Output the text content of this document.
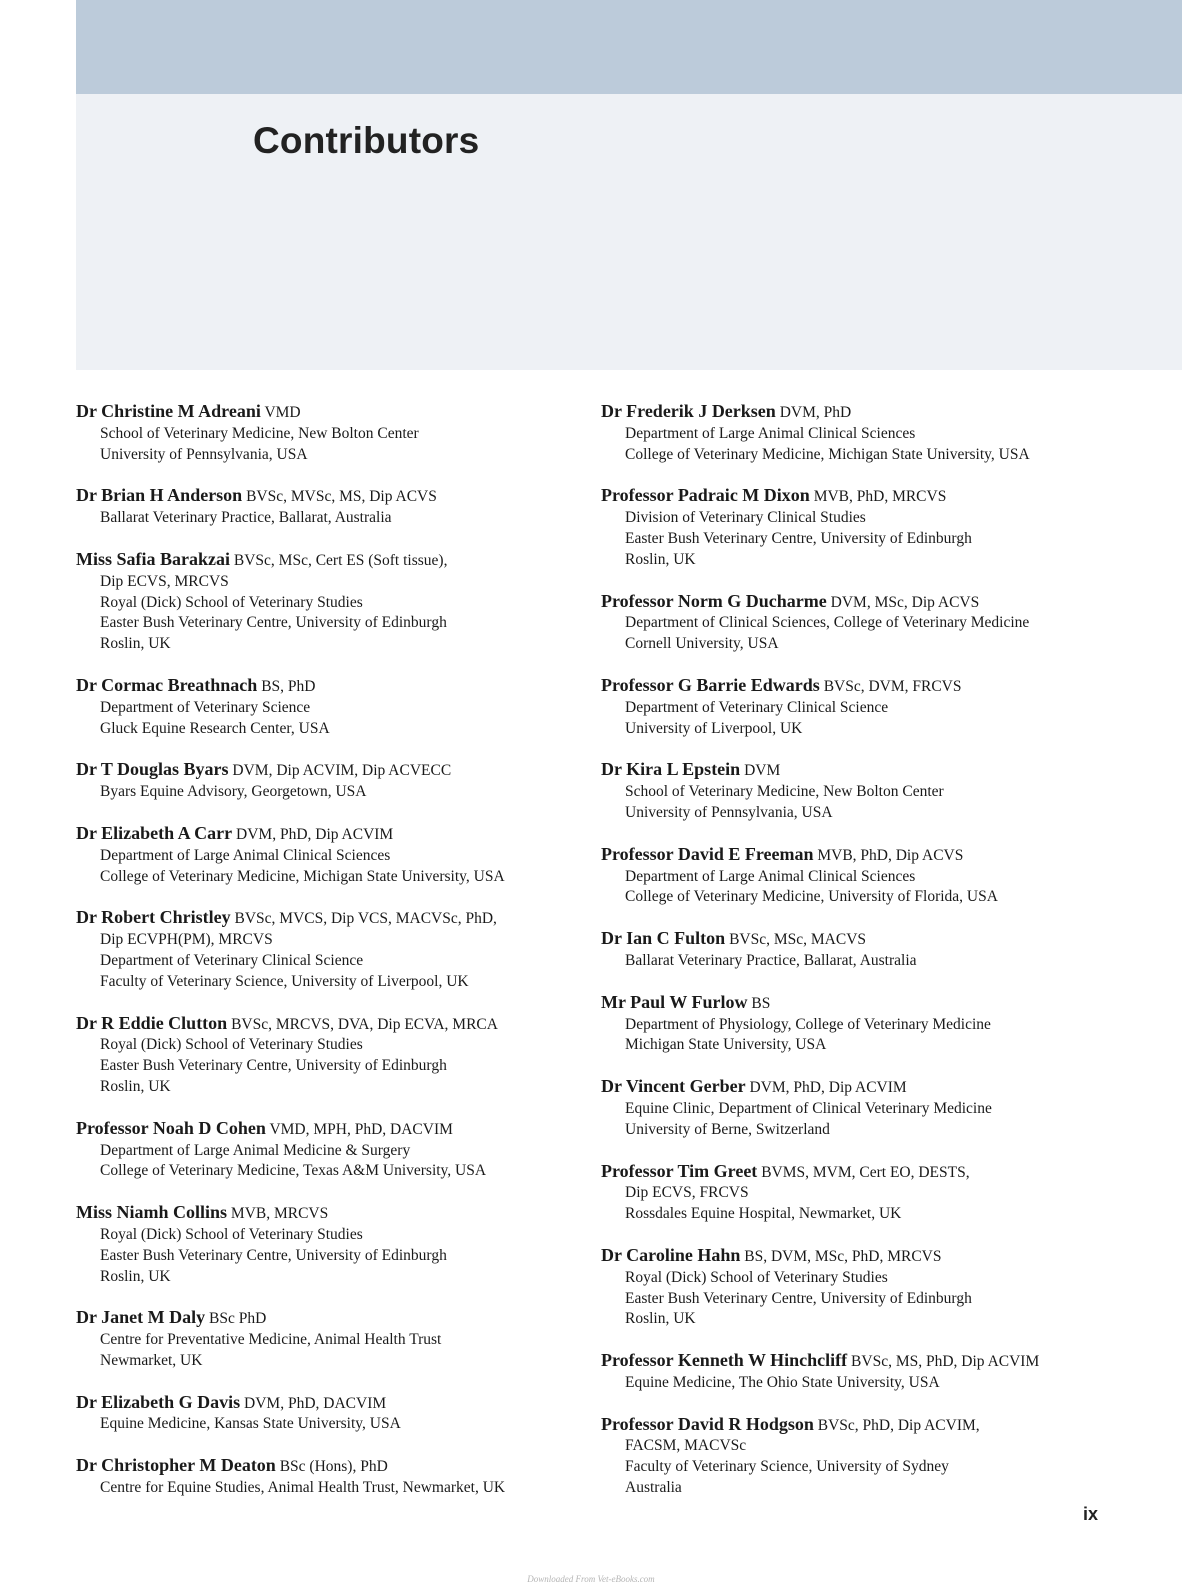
Contributors
Dr Christine M Adreani VMD
School of Veterinary Medicine, New Bolton Center
University of Pennsylvania, USA
Dr Brian H Anderson BVSc, MVSc, MS, Dip ACVS
Ballarat Veterinary Practice, Ballarat, Australia
Miss Safia Barakzai BVSc, MSc, Cert ES (Soft tissue),
Dip ECVS, MRCVS
Royal (Dick) School of Veterinary Studies
Easter Bush Veterinary Centre, University of Edinburgh
Roslin, UK
Dr Cormac Breathnach BS, PhD
Department of Veterinary Science
Gluck Equine Research Center, USA
Dr T Douglas Byars DVM, Dip ACVIM, Dip ACVECC
Byars Equine Advisory, Georgetown, USA
Dr Elizabeth A Carr DVM, PhD, Dip ACVIM
Department of Large Animal Clinical Sciences
College of Veterinary Medicine, Michigan State University, USA
Dr Robert Christley BVSc, MVCS, Dip VCS, MACVSc, PhD,
Dip ECVPH(PM), MRCVS
Department of Veterinary Clinical Science
Faculty of Veterinary Science, University of Liverpool, UK
Dr R Eddie Clutton BVSc, MRCVS, DVA, Dip ECVA, MRCA
Royal (Dick) School of Veterinary Studies
Easter Bush Veterinary Centre, University of Edinburgh
Roslin, UK
Professor Noah D Cohen VMD, MPH, PhD, DACVIM
Department of Large Animal Medicine & Surgery
College of Veterinary Medicine, Texas A&M University, USA
Miss Niamh Collins MVB, MRCVS
Royal (Dick) School of Veterinary Studies
Easter Bush Veterinary Centre, University of Edinburgh
Roslin, UK
Dr Janet M Daly BSc PhD
Centre for Preventative Medicine, Animal Health Trust
Newmarket, UK
Dr Elizabeth G Davis DVM, PhD, DACVIM
Equine Medicine, Kansas State University, USA
Dr Christopher M Deaton BSc (Hons), PhD
Centre for Equine Studies, Animal Health Trust, Newmarket, UK
Dr Frederik J Derksen DVM, PhD
Department of Large Animal Clinical Sciences
College of Veterinary Medicine, Michigan State University, USA
Professor Padraic M Dixon MVB, PhD, MRCVS
Division of Veterinary Clinical Studies
Easter Bush Veterinary Centre, University of Edinburgh
Roslin, UK
Professor Norm G Ducharme DVM, MSc, Dip ACVS
Department of Clinical Sciences, College of Veterinary Medicine
Cornell University, USA
Professor G Barrie Edwards BVSc, DVM, FRCVS
Department of Veterinary Clinical Science
University of Liverpool, UK
Dr Kira L Epstein DVM
School of Veterinary Medicine, New Bolton Center
University of Pennsylvania, USA
Professor David E Freeman MVB, PhD, Dip ACVS
Department of Large Animal Clinical Sciences
College of Veterinary Medicine, University of Florida, USA
Dr Ian C Fulton BVSc, MSc, MACVS
Ballarat Veterinary Practice, Ballarat, Australia
Mr Paul W Furlow BS
Department of Physiology, College of Veterinary Medicine
Michigan State University, USA
Dr Vincent Gerber DVM, PhD, Dip ACVIM
Equine Clinic, Department of Clinical Veterinary Medicine
University of Berne, Switzerland
Professor Tim Greet BVMS, MVM, Cert EO, DESTS,
Dip ECVS, FRCVS
Rossdales Equine Hospital, Newmarket, UK
Dr Caroline Hahn BS, DVM, MSc, PhD, MRCVS
Royal (Dick) School of Veterinary Studies
Easter Bush Veterinary Centre, University of Edinburgh
Roslin, UK
Professor Kenneth W Hinchcliff BVSc, MS, PhD, Dip ACVIM
Equine Medicine, The Ohio State University, USA
Professor David R Hodgson BVSc, PhD, Dip ACVIM,
FACSM, MACVSc
Faculty of Veterinary Science, University of Sydney
Australia
ix
Downloaded From Vet-eBooks.com
